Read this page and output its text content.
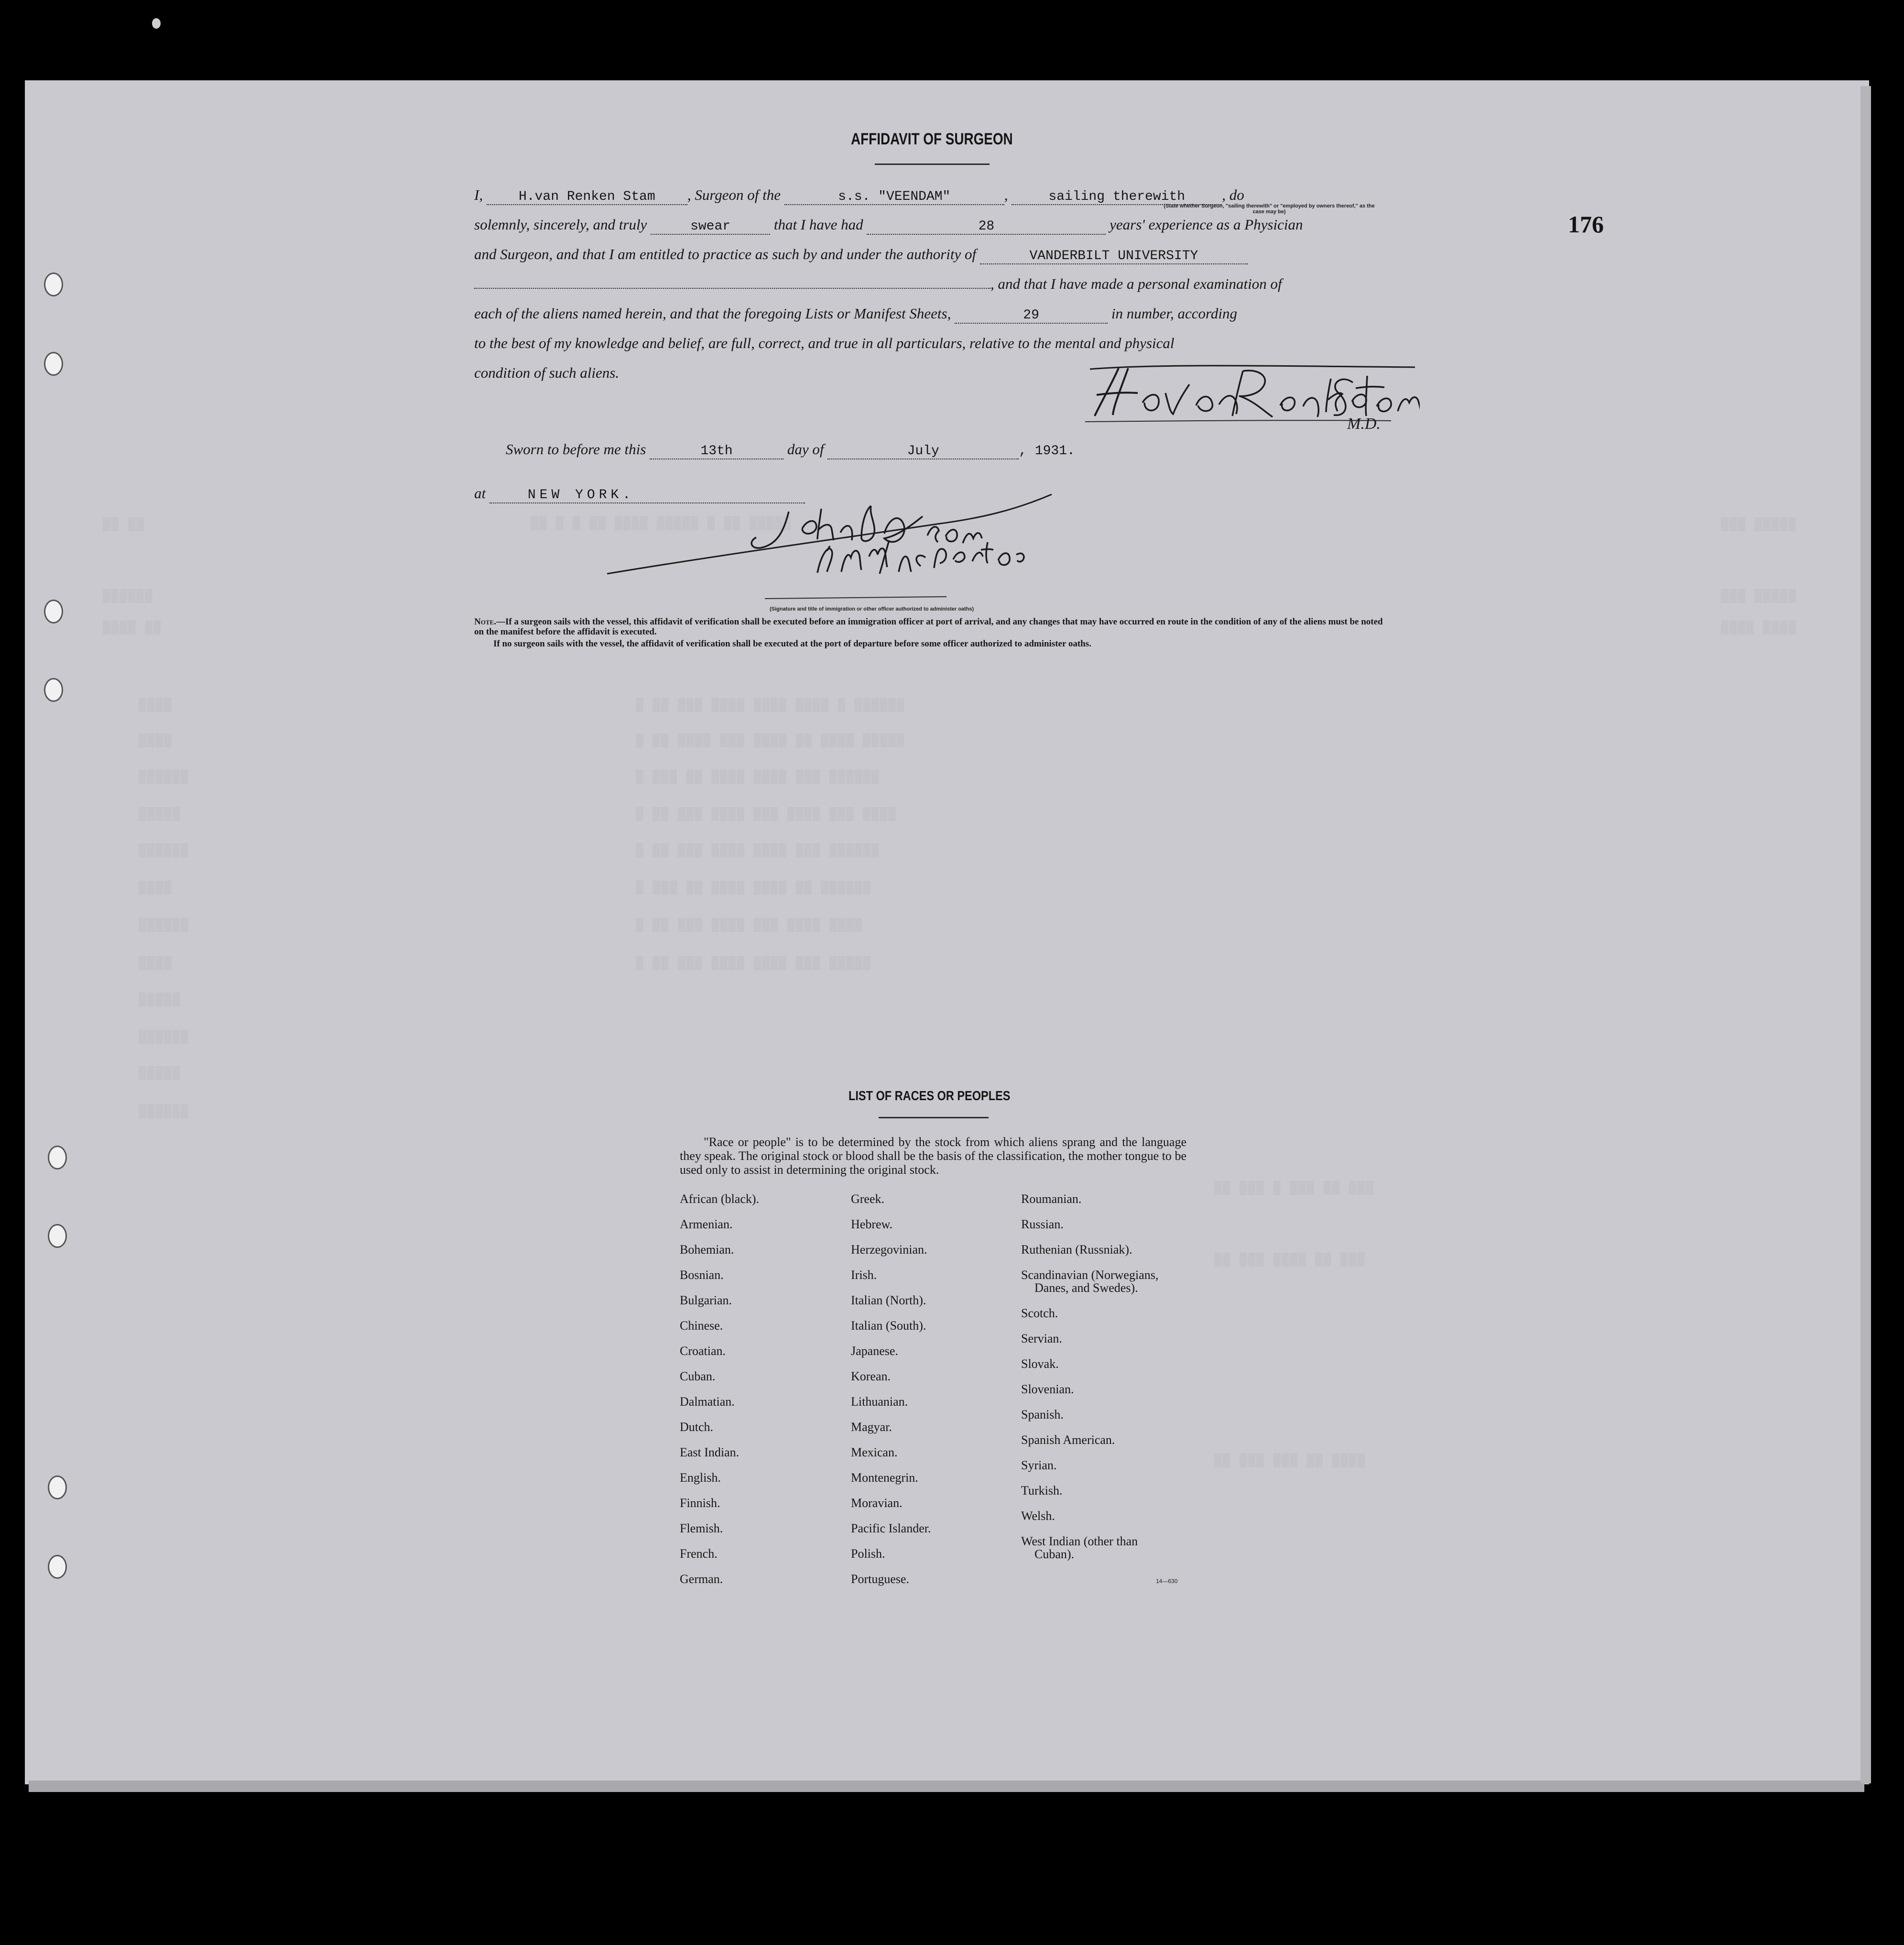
▒▒ ▒▒
▒▒▒▒▒▒
▒▒▒▒ ▒▒
▒▒▒▒
▒▒▒▒
▒▒▒▒▒▒
▒▒▒▒▒
▒▒▒▒▒▒
▒▒▒▒
▒▒▒▒▒▒
▒▒▒▒
▒▒▒▒▒
▒▒▒▒▒▒
▒▒▒▒▒
▒▒▒▒▒▒
▒▒ ▒ ▒ ▒▒ ▒▒▒▒ ▒▒▒▒▒ ▒ ▒▒ ▒▒▒▒▒
▒ ▒▒ ▒▒▒ ▒▒▒▒ ▒▒▒▒ ▒▒▒▒ ▒ ▒▒▒▒▒▒
▒ ▒▒ ▒▒▒▒ ▒▒▒ ▒▒▒▒ ▒▒ ▒▒▒▒ ▒▒▒▒▒
▒ ▒▒▒ ▒▒ ▒▒▒▒ ▒▒▒▒ ▒▒▒ ▒▒▒▒▒▒
▒ ▒▒ ▒▒▒ ▒▒▒▒ ▒▒▒ ▒▒▒▒ ▒▒▒ ▒▒▒▒
▒ ▒▒ ▒▒▒ ▒▒▒▒ ▒▒▒▒ ▒▒▒ ▒▒▒▒▒▒
▒ ▒▒▒ ▒▒ ▒▒▒▒ ▒▒▒▒ ▒▒ ▒▒▒▒▒▒
▒ ▒▒ ▒▒▒ ▒▒▒▒ ▒▒▒ ▒▒▒▒ ▒▒▒▒
▒ ▒▒ ▒▒▒ ▒▒▒▒ ▒▒▒▒ ▒▒▒ ▒▒▒▒▒
▒▒ ▒▒▒ ▒ ▒▒▒ ▒▒ ▒▒▒
▒▒ ▒▒▒ ▒▒▒▒ ▒▒ ▒▒▒
▒▒ ▒▒▒ ▒▒▒ ▒▒ ▒▒▒▒
▒▒▒ ▒▒▒▒▒
▒▒▒ ▒▒▒▒▒
▒▒▒▒ ▒▒▒▒
176
AFFIDAVIT OF SURGEON
I,	H.van Renken Stam , Surgeon of the	s.s. "VEENDAM"	,	sailing therewith , do
(State whether Surgeon, "sailing therewith" or "employed by owners thereof," as the case may be)
solemnly, sincerely, and truly	swear	that I have had	28	years' experience as a Physician
and Surgeon, and that I am entitled to practice as such by and under the authority of	VANDERBILT UNIVERSITY
, and that I have made a personal examination of
each of the aliens named herein, and that the foregoing Lists or Manifest Sheets,	29	in number, according
to the best of my knowledge and belief, are full, correct, and true in all particulars, relative to the mental and physical
condition of such aliens.
M.D.
Sworn to before me this	13th	day of	July	, 1931.
at	NEW YORK.
(Signature and title of immigration or other officer authorized to administer oaths)
Note.—If a surgeon sails with the vessel, this affidavit of verification shall be executed before an immigration officer at port of arrival, and any changes that may have occurred en route in the condition of any of the aliens must be noted on the manifest before the affidavit is executed.
If no surgeon sails with the vessel, the affidavit of verification shall be executed at the port of departure before some officer authorized to administer oaths.
LIST OF RACES OR PEOPLES
"Race or people" is to be determined by the stock from which aliens sprang and the language they speak. The original stock or blood shall be the basis of the classification, the mother tongue to be used only to assist in determining the original stock.
African (black).
Armenian.
Bohemian.
Bosnian.
Bulgarian.
Chinese.
Croatian.
Cuban.
Dalmatian.
Dutch.
East Indian.
English.
Finnish.
Flemish.
French.
German.
Greek.
Hebrew.
Herzegovinian.
Irish.
Italian (North).
Italian (South).
Japanese.
Korean.
Lithuanian.
Magyar.
Mexican.
Montenegrin.
Moravian.
Pacific Islander.
Polish.
Portuguese.
Roumanian.
Russian.
Ruthenian (Russniak).
Scandinavian (Norwegians,
Danes, and Swedes).
Scotch.
Servian.
Slovak.
Slovenian.
Spanish.
Spanish American.
Syrian.
Turkish.
Welsh.
West Indian (other than
Cuban).
14—630
